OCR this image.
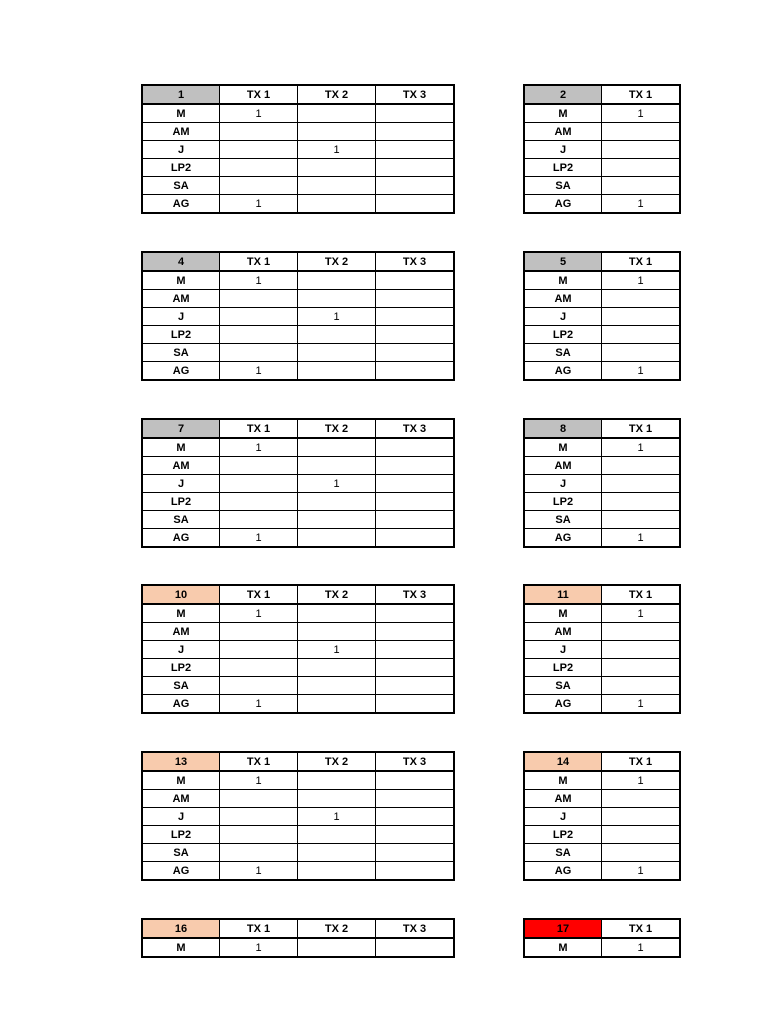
1	TX 1	TX 2	TX 3
M	1		
AM			
J		1	
LP2			
SA			
AG	1		
2	TX 1
M	1
AM	
J	
LP2	
SA	
AG	1
4	TX 1	TX 2	TX 3
M	1		
AM			
J		1	
LP2			
SA			
AG	1		
5	TX 1
M	1
AM	
J	
LP2	
SA	
AG	1
7	TX 1	TX 2	TX 3
M	1		
AM			
J		1	
LP2			
SA			
AG	1		
8	TX 1
M	1
AM	
J	
LP2	
SA	
AG	1
10	TX 1	TX 2	TX 3
M	1		
AM			
J		1	
LP2			
SA			
AG	1		
11	TX 1
M	1
AM	
J	
LP2	
SA	
AG	1
13	TX 1	TX 2	TX 3
M	1		
AM			
J		1	
LP2			
SA			
AG	1		
14	TX 1
M	1
AM	
J	
LP2	
SA	
AG	1
16	TX 1	TX 2	TX 3
M	1		
17	TX 1
M	1
